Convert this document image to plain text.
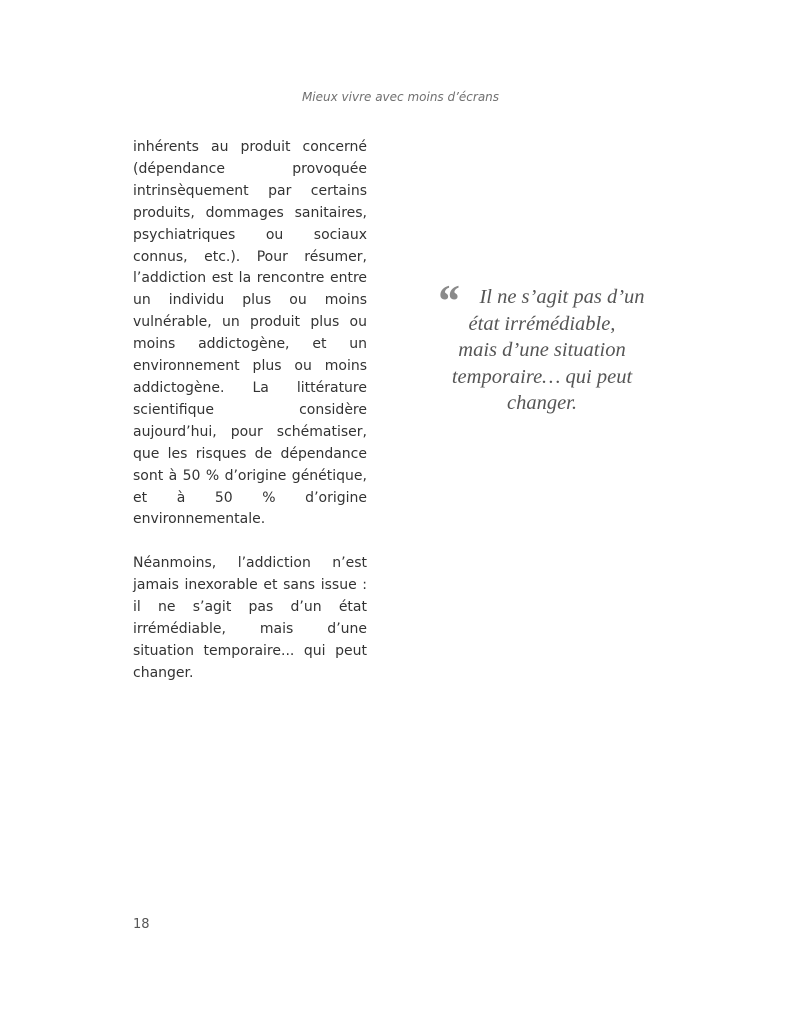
Mieux vivre avec moins d’écrans

inhérents au produit concerné (dépendance provoquée intrinsèquement par certains produits, dommages sanitaires, psychiatriques ou sociaux connus, etc.). Pour résumer, l’addiction est la rencontre entre un individu plus ou moins vulnérable, un produit plus ou moins addictogène, et un environnement plus ou moins addictogène. La littérature scientifique considère aujourd’hui, pour schématiser, que les risques de dépendance sont à 50 % d’origine génétique, et à 50 % d’origine environnementale.

Néanmoins, l’addiction n’est jamais inexorable et sans issue : il ne s’agit pas d’un état irrémédiable, mais d’une situation temporaire... qui peut changer.

“ Il ne s’agit pas d’un
état irrémédiable,
mais d’une situation
temporaire… qui peut
changer.

18
